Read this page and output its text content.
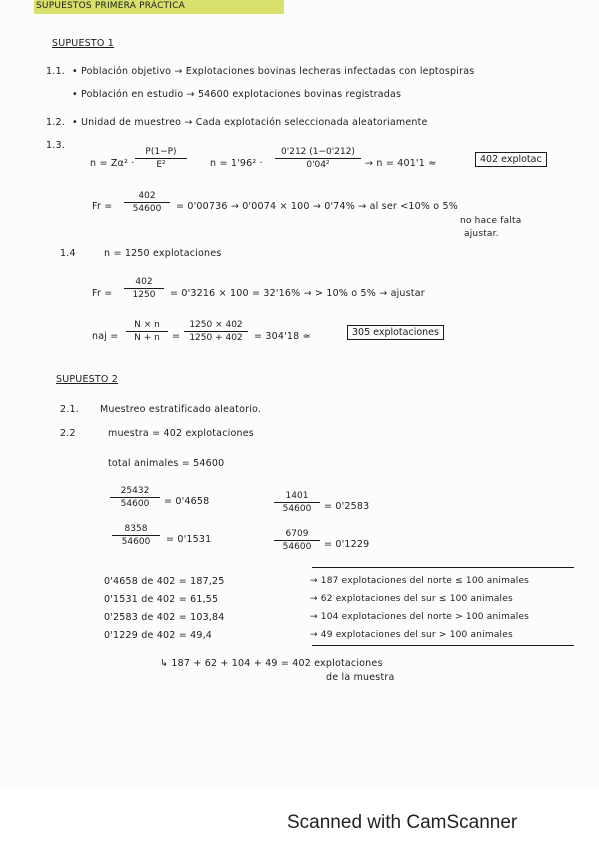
SUPUESTOS PRIMERA PRÁCTICA
SUPUESTO 1
1.1. • Población objetivo → Explotaciones bovinas lecheras infectadas con leptospiras
• Población en estudio → 54600 explotaciones bovinas registradas
1.2. • Unidad de muestreo → Cada explotación seleccionada aleatoriamente
1.3.
$n = Z\alpha^2 \cdot \frac{P(1-P)}{\text{E²}}$ $n = 1'96^2 \cdot \frac{0'212 (1-0'212)}{\text{0'04²}} \to n = 401'1$ ≈	402 explotac
$Fr = \frac{402}{54600} = 0'00736 \to 0'0074 \times 100 \to 0'74\%$ → al ser <10% o 5%
no hace falta
ajustar.
1.4	n = 1250 explotaciones
$Fr = \frac{402}{1250} = 0'3216 \times 100 = 32'16\%$ → > 10% o 5% → ajustar
naj = $\frac{N \times n}{N + n} = \frac{1250 \times 402}{1250 + 402} = 304'18$ ≃	305 explotaciones
SUPUESTO 2
2.1. Muestreo estratificado aleatorio.
2.2	muestra = 402 explotaciones
total animales = 54600
$\frac{25432}{54600} = 0'4658$	$\frac{1401}{54600} = 0'2583$
$\frac{8358}{54600} = 0'1531$	$\frac{6709}{54600} = 0'1229$
0'4658 de 402 = 187,25	→ 187 explotaciones del norte ≤ 100 animales
0'1531 de 402 = 61,55	→ 62 explotaciones del sur ≤ 100 animales
0'2583 de 402 = 103,84	→ 104 explotaciones del norte > 100 animales
0'1229 de 402 = 49,4	→ 49 explotaciones del sur > 100 animales
↳ 187 + 62 + 104 + 49 = 402 explotaciones
de la muestra
Scanned with CamScanner
